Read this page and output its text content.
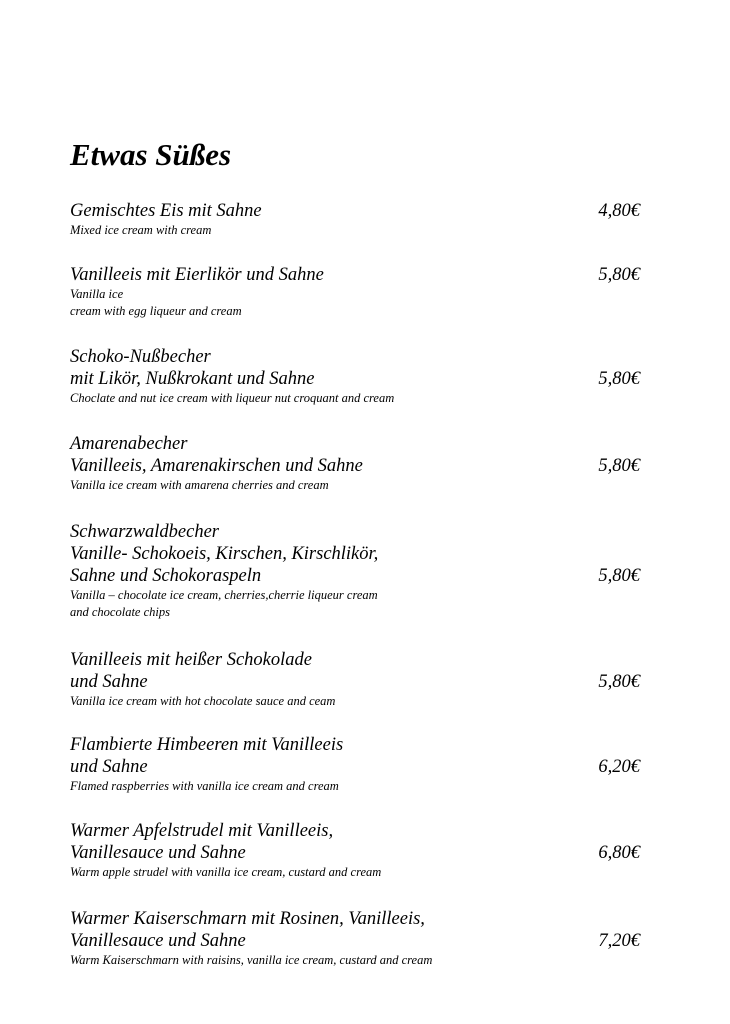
Etwas Süßes

Gemischtes Eis mit Sahne	4,80€

Mixed ice cream with cream

Vanilleeis mit Eierlikör und Sahne	5,80€

Vanilla ice

cream with egg liqueur and cream

Schoko-Nußbecher

mit Likör, Nußkrokant und Sahne	5,80€

Choclate and nut ice cream with liqueur nut croquant and cream

Amarenabecher

Vanilleeis, Amarenakirschen und Sahne	5,80€

Vanilla ice cream with amarena cherries and cream

Schwarzwaldbecher

Vanille- Schokoeis, Kirschen, Kirschlikör,

Sahne und Schokoraspeln	5,80€

Vanilla – chocolate ice cream, cherries,cherrie liqueur cream

and chocolate chips

Vanilleeis mit heißer Schokolade

und Sahne	5,80€

Vanilla ice cream with hot chocolate sauce and ceam

Flambierte Himbeeren mit Vanilleeis

und Sahne	6,20€

Flamed raspberries with vanilla ice cream and cream

Warmer Apfelstrudel mit Vanilleeis,

Vanillesauce und Sahne	6,80€

Warm apple strudel with vanilla ice cream, custard and cream

Warmer Kaiserschmarn mit Rosinen, Vanilleeis,

Vanillesauce und Sahne	7,20€

Warm Kaiserschmarn with raisins, vanilla ice cream, custard and cream
